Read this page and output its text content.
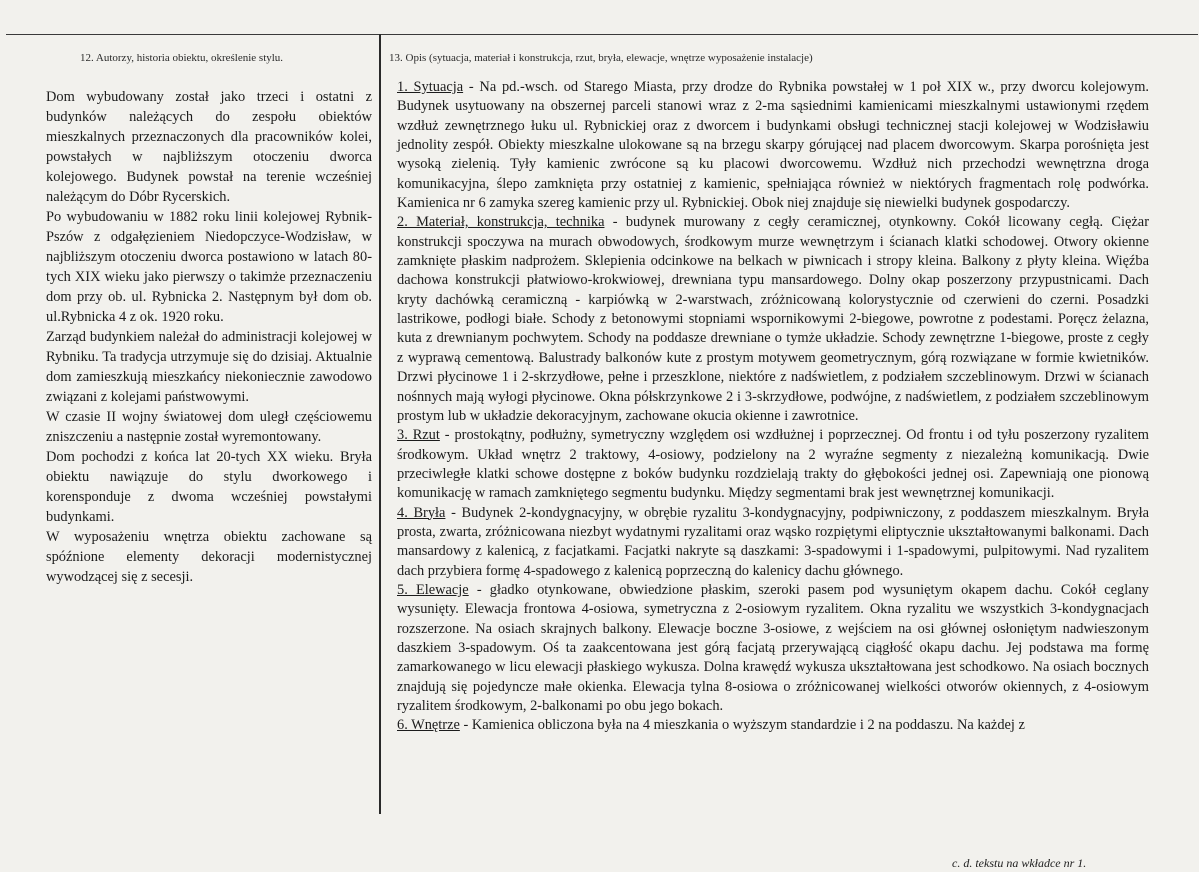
12. Autorzy, historia obiektu, określenie stylu.	13. Opis (sytuacja, materiał i konstrukcja, rzut, bryła, elewacje, wnętrze wyposażenie instalacje)

Dom wybudowany został jako trzeci i ostatni z budynków należących do zespołu obiektów mieszkalnych przeznaczonych dla pracowników kolei, powstałych w najbliższym otoczeniu dworca kolejowego. Budynek powstał na terenie wcześniej należącym do Dóbr Rycerskich.

Po wybudowaniu w 1882 roku linii kolejowej Rybnik-Pszów z odgałęzieniem Niedopczyce-Wodzisław, w najbliższym otoczeniu dworca postawiono w latach 80-tych XIX wieku jako pierwszy o takimże przeznaczeniu dom przy ob. ul. Rybnicka 2. Następnym był dom ob. ul.Rybnicka 4 z ok. 1920 roku.

Zarząd budynkiem należał do administracji kolejowej w Rybniku. Ta tradycja utrzymuje się do dzisiaj. Aktualnie dom zamieszkują mieszkańcy niekoniecznie zawodowo związani z kolejami państwowymi.

W czasie II wojny światowej dom uległ częściowemu zniszczeniu a następnie został wyremontowany.

Dom pochodzi z końca lat 20-tych XX wieku. Bryła obiektu nawiązuje do stylu dworkowego i korensponduje z dwoma wcześniej powstałymi budynkami.

W wyposażeniu wnętrza obiektu zachowane są spóźnione elementy dekoracji modernistycznej wywodzącej się z secesji.

1. Sytuacja - Na pd.-wsch. od Starego Miasta, przy drodze do Rybnika powstałej w 1 poł XIX w., przy dworcu kolejowym. Budynek usytuowany na obszernej parceli stanowi wraz z 2-ma sąsiednimi kamienicami mieszkalnymi ustawionymi rzędem wzdłuż zewnętrznego łuku ul. Rybnickiej oraz z dworcem i budynkami obsługi technicznej stacji kolejowej w Wodzisławiu jednolity zespół. Obiekty mieszkalne ulokowane są na brzegu skarpy górującej nad placem dworcowym. Skarpa porośnięta jest wysoką zielenią. Tyły kamienic zwrócone są ku placowi dworcowemu. Wzdłuż nich przechodzi wewnętrzna droga komunikacyjna, ślepo zamknięta przy ostatniej z kamienic, spełniająca również w niektórych fragmentach rolę podwórka. Kamienica nr 6 zamyka szereg kamienic przy ul. Rybnickiej. Obok niej znajduje się niewielki budynek gospodarczy.

2. Materiał, konstrukcja, technika - budynek murowany z cegły ceramicznej, otynkowny. Cokół licowany cegłą. Ciężar konstrukcji spoczywa na murach obwodowych, środkowym murze wewnętrzym i ścianach klatki schodowej. Otwory okienne zamknięte płaskim nadprożem. Sklepienia odcinkowe na belkach w piwnicach i stropy kleina. Balkony z płyty kleina. Więźba dachowa konstrukcji płatwiowo-krokwiowej, drewniana typu mansardowego. Dolny okap poszerzony przypustnicami. Dach kryty dachówką ceramiczną - karpiówką w 2-warstwach, zróżnicowaną kolorystycznie od czerwieni do czerni. Posadzki lastrikowe, podłogi białe. Schody z betonowymi stopniami wspornikowymi 2-biegowe, powrotne z podestami. Poręcz żelazna, kuta z drewnianym pochwytem. Schody na poddasze drewniane o tymże układzie. Schody zewnętrzne 1-biegowe, proste z cegły z wyprawą cementową. Balustrady balkonów kute z prostym motywem geometrycznym, górą rozwiązane w formie kwietników. Drzwi płycinowe 1 i 2-skrzydłowe, pełne i przeszklone, niektóre z nadświetlem, z podziałem szczeblinowym. Drzwi w ścianach nośnnych mają wyłogi płycinowe. Okna półskrzynkowe 2 i 3-skrzydłowe, podwójne, z nadświetlem, z podziałem szczeblinowym prostym lub w układzie dekoracyjnym, zachowane okucia okienne i zawrotnice.

3. Rzut - prostokątny, podłużny, symetryczny względem osi wzdłużnej i poprzecznej. Od frontu i od tyłu poszerzony ryzalitem środkowym. Układ wnętrz 2 traktowy, 4-osiowy, podzielony na 2 wyraźne segmenty z niezależną komunikacją. Dwie przeciwległe klatki schowe dostępne z boków budynku rozdzielają trakty do głębokości jednej osi. Zapewniają one pionową komunikację w ramach zamkniętego segmentu budynku. Między segmentami brak jest wewnętrznej komunikacji.

4. Bryła - Budynek 2-kondygnacyjny, w obrębie ryzalitu 3-kondygnacyjny, podpiwniczony, z poddaszem mieszkalnym. Bryła prosta, zwarta, zróżnicowana niezbyt wydatnymi ryzalitami oraz wąsko rozpiętymi eliptycznie ukształtowanymi balkonami. Dach mansardowy z kalenicą, z facjatkami. Facjatki nakryte są daszkami: 3-spadowymi i 1-spadowymi, pulpitowymi. Nad ryzalitem dach przybiera formę 4-spadowego z kalenicą poprzeczną do kalenicy dachu głównego.

5. Elewacje - gładko otynkowane, obwiedzione płaskim, szeroki pasem pod wysuniętym okapem dachu. Cokół ceglany wysunięty. Elewacja frontowa 4-osiowa, symetryczna z 2-osiowym ryzalitem. Okna ryzalitu we wszystkich 3-kondygnacjach rozszerzone. Na osiach skrajnych balkony. Elewacje boczne 3-osiowe, z wejściem na osi głównej osłoniętym nadwieszonym daszkiem 3-spadowym. Oś ta zaakcentowana jest górą facjatą przerywającą ciągłość okapu dachu. Jej podstawa ma formę zamarkowanego w licu elewacji płaskiego wykusza. Dolna krawędź wykusza ukształtowana jest schodkowo. Na osiach bocznych znajdują się pojedyncze małe okienka. Elewacja tylna 8-osiowa o zróżnicowanej wielkości otworów okiennych, z 4-osiowym ryzalitem środkowym, 2-balkonami po obu jego bokach.

6. Wnętrze - Kamienica obliczona była na 4 mieszkania o wyższym standardzie i 2 na poddaszu. Na każdej z

c. d. tekstu na wkładce nr 1.
